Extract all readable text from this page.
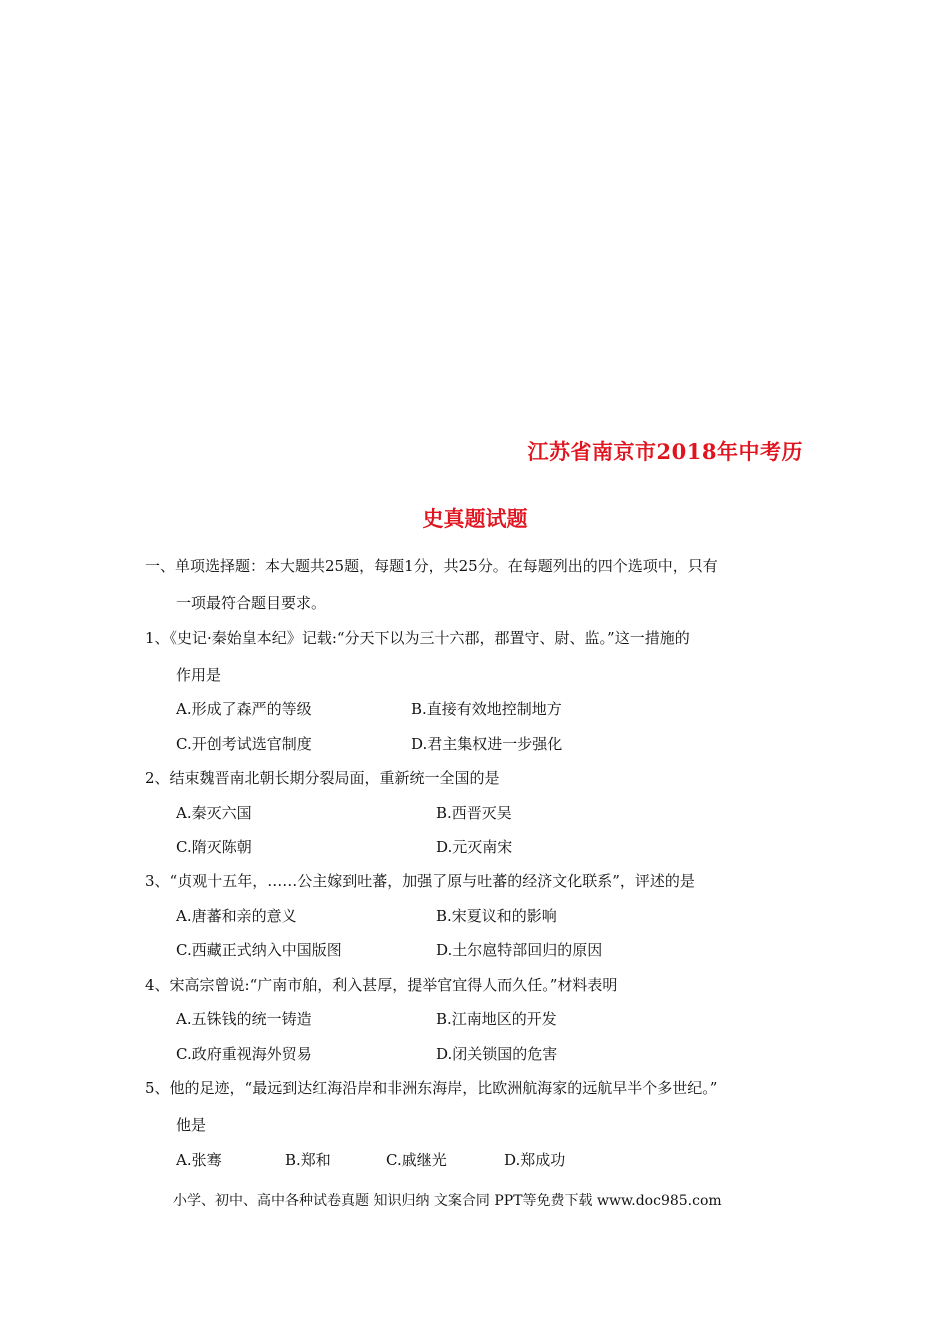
江苏省南京市2018年中考历
史真题试题
一、单项选择题：本大题共25题，每题1分，共25分。在每题列出的四个选项中，只有
一项最符合题目要求。
1、《史记·秦始皇本纪》记载:“分天下以为三十六郡，郡置守、尉、监。”这一措施的
作用是
A.形成了森严的等级	B.直接有效地控制地方
C.开创考试选官制度	D.君主集权进一步强化
2、结束魏晋南北朝长期分裂局面，重新统一全国的是
A.秦灭六国	B.西晋灭吴
C.隋灭陈朝	D.元灭南宋
3、“贞观十五年，……公主嫁到吐蕃，加强了原与吐蕃的经济文化联系”，评述的是
A.唐蕃和亲的意义	B.宋夏议和的影响
C.西藏正式纳入中国版图	D.土尔扈特部回归的原因
4、宋高宗曾说:“广南市舶，利入甚厚，提举官宜得人而久任。”材料表明
A.五铢钱的统一铸造	B.江南地区的开发
C.政府重视海外贸易	D.闭关锁国的危害
5、他的足迹，“最远到达红海沿岸和非洲东海岸，比欧洲航海家的远航早半个多世纪。”
他是
A.张骞	B.郑和	C.戚继光	D.郑成功
小学、初中、高中各种试卷真题 知识归纳 文案合同 PPT等免费下载 www.doc985.com
